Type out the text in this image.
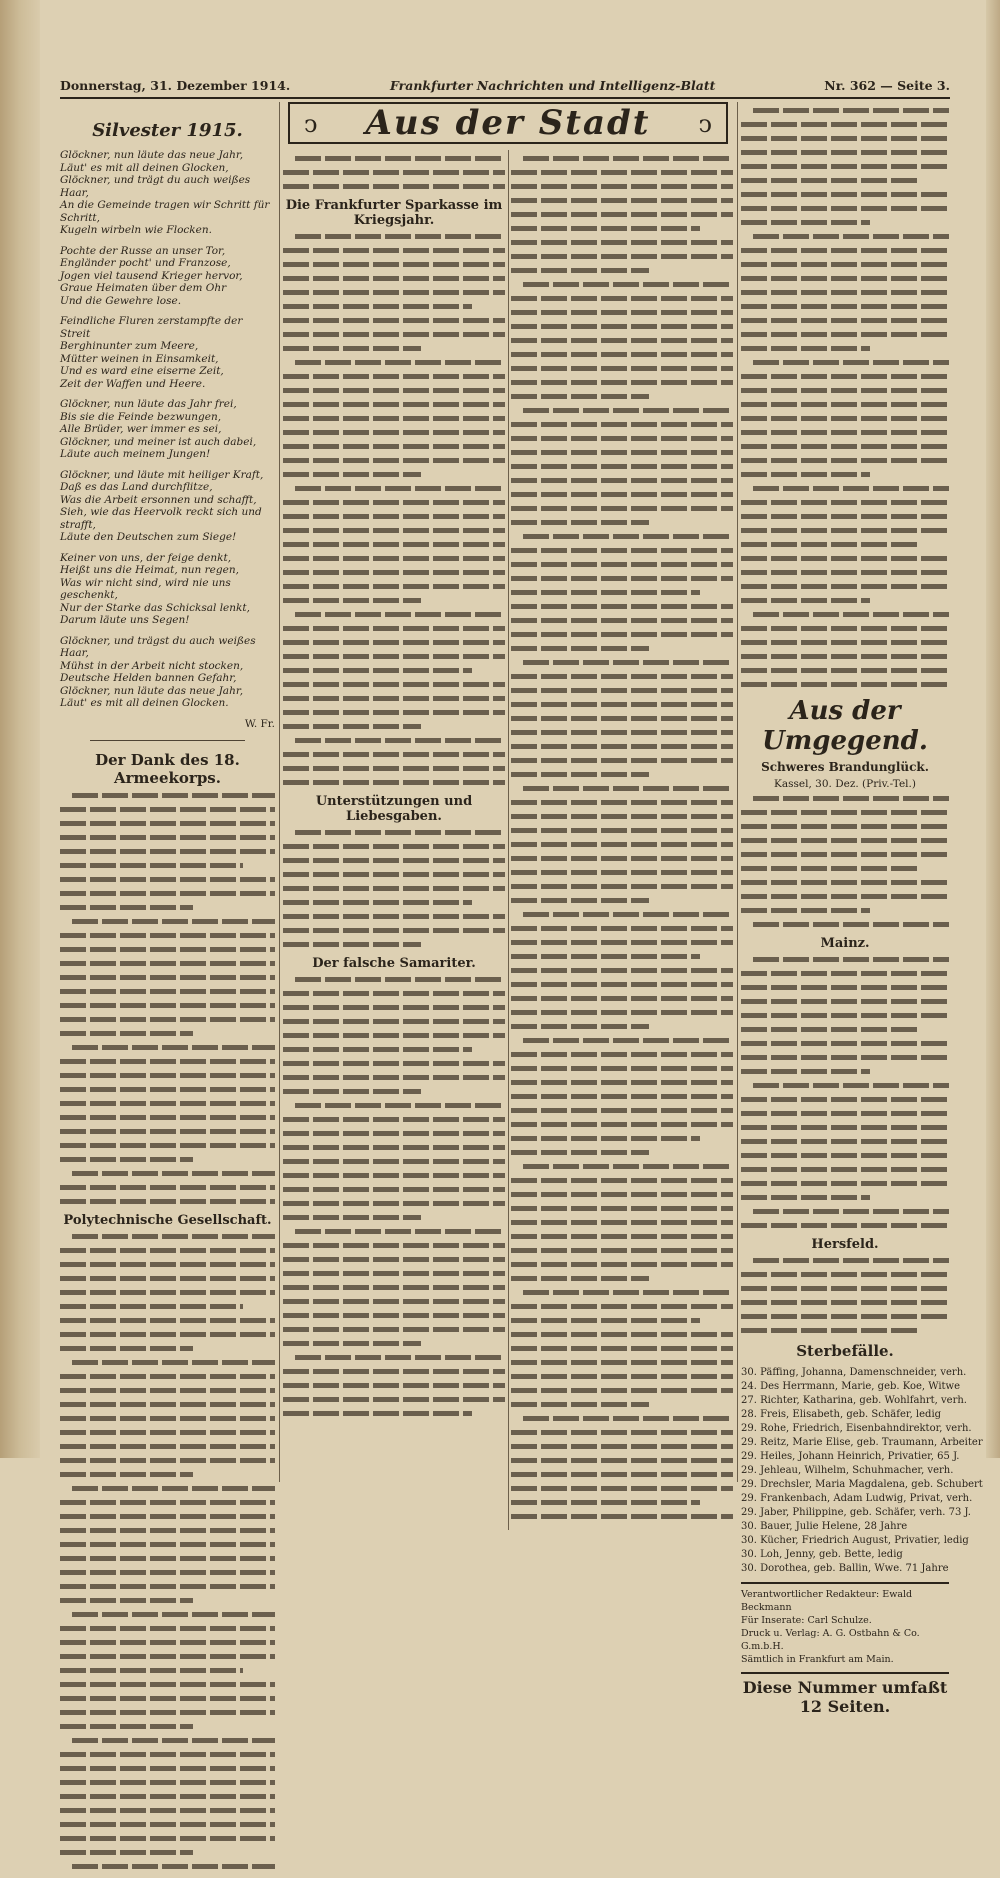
Donnerstag, 31. Dezember 1914.	Frankfurter Nachrichten und Intelligenz-Blatt	Nr. 362 — Seite 3.
ↄ Aus der Stadt ↄ
Silvester 1915.
Glöckner, nun läute das neue Jahr,
Läut' es mit all deinen Glocken,
Glöckner, und trägt du auch weißes Haar,
An die Gemeinde tragen wir Schritt für Schritt,
Kugeln wirbeln wie Flocken.
Pochte der Russe an unser Tor,
Engländer pocht' und Franzose,
Jogen viel tausend Krieger hervor,
Graue Heimaten über dem Ohr
Und die Gewehre lose.
Feindliche Fluren zerstampfte der Streit
Berghinunter zum Meere,
Mütter weinen in Einsamkeit,
Und es ward eine eiserne Zeit,
Zeit der Waffen und Heere.
Glöckner, nun läute das Jahr frei,
Bis sie die Feinde bezwungen,
Alle Brüder, wer immer es sei,
Glöckner, und meiner ist auch dabei,
Läute auch meinem Jungen!
Glöckner, und läute mit heiliger Kraft,
Daß es das Land durchflitze,
Was die Arbeit ersonnen und schafft,
Sieh, wie das Heervolk reckt sich und strafft,
Läute den Deutschen zum Siege!
Keiner von uns, der feige denkt,
Heißt uns die Heimat, nun regen,
Was wir nicht sind, wird nie uns geschenkt,
Nur der Starke das Schicksal lenkt,
Darum läute uns Segen!
Glöckner, und trägst du auch weißes Haar,
Mühst in der Arbeit nicht stocken,
Deutsche Helden bannen Gefahr,
Glöckner, nun läute das neue Jahr,
Läut' es mit all deinen Glocken.
W. Fr.
Der Dank des 18. Armeekorps.
Polytechnische Gesellschaft.
Die Frankfurter Sparkasse im Kriegsjahr.
Unterstützungen und Liebesgaben.
Der falsche Samariter.
Aus der Umgegend.
Schweres Brandunglück.
Kassel, 30. Dez. (Priv.-Tel.)
Mainz.
Hersfeld.
Sterbefälle.
30. Päffing, Johanna, Damenschneider, verh.
24. Des Herrmann, Marie, geb. Koe, Witwe
27. Richter, Katharina, geb. Wohlfahrt, verh.
28. Freis, Elisabeth, geb. Schäfer, ledig
29. Rohe, Friedrich, Eisenbahndirektor, verh.
29. Reitz, Marie Elise, geb. Traumann, Arbeiter
29. Heiles, Johann Heinrich, Privatier, 65 J.
29. Jehleau, Wilhelm, Schuhmacher, verh.
29. Drechsler, Maria Magdalena, geb. Schubert
29. Frankenbach, Adam Ludwig, Privat, verh.
29. Jaber, Philippine, geb. Schäfer, verh. 73 J.
30. Bauer, Julie Helene, 28 Jahre
30. Kücher, Friedrich August, Privatier, ledig
30. Loh, Jenny, geb. Bette, ledig
30. Dorothea, geb. Ballin, Wwe. 71 Jahre
Verantwortlicher Redakteur: Ewald Beckmann
Für Inserate: Carl Schulze.
Druck u. Verlag: A. G. Ostbahn & Co. G.m.b.H.
Sämtlich in Frankfurt am Main.
Diese Nummer umfaßt 12 Seiten.
